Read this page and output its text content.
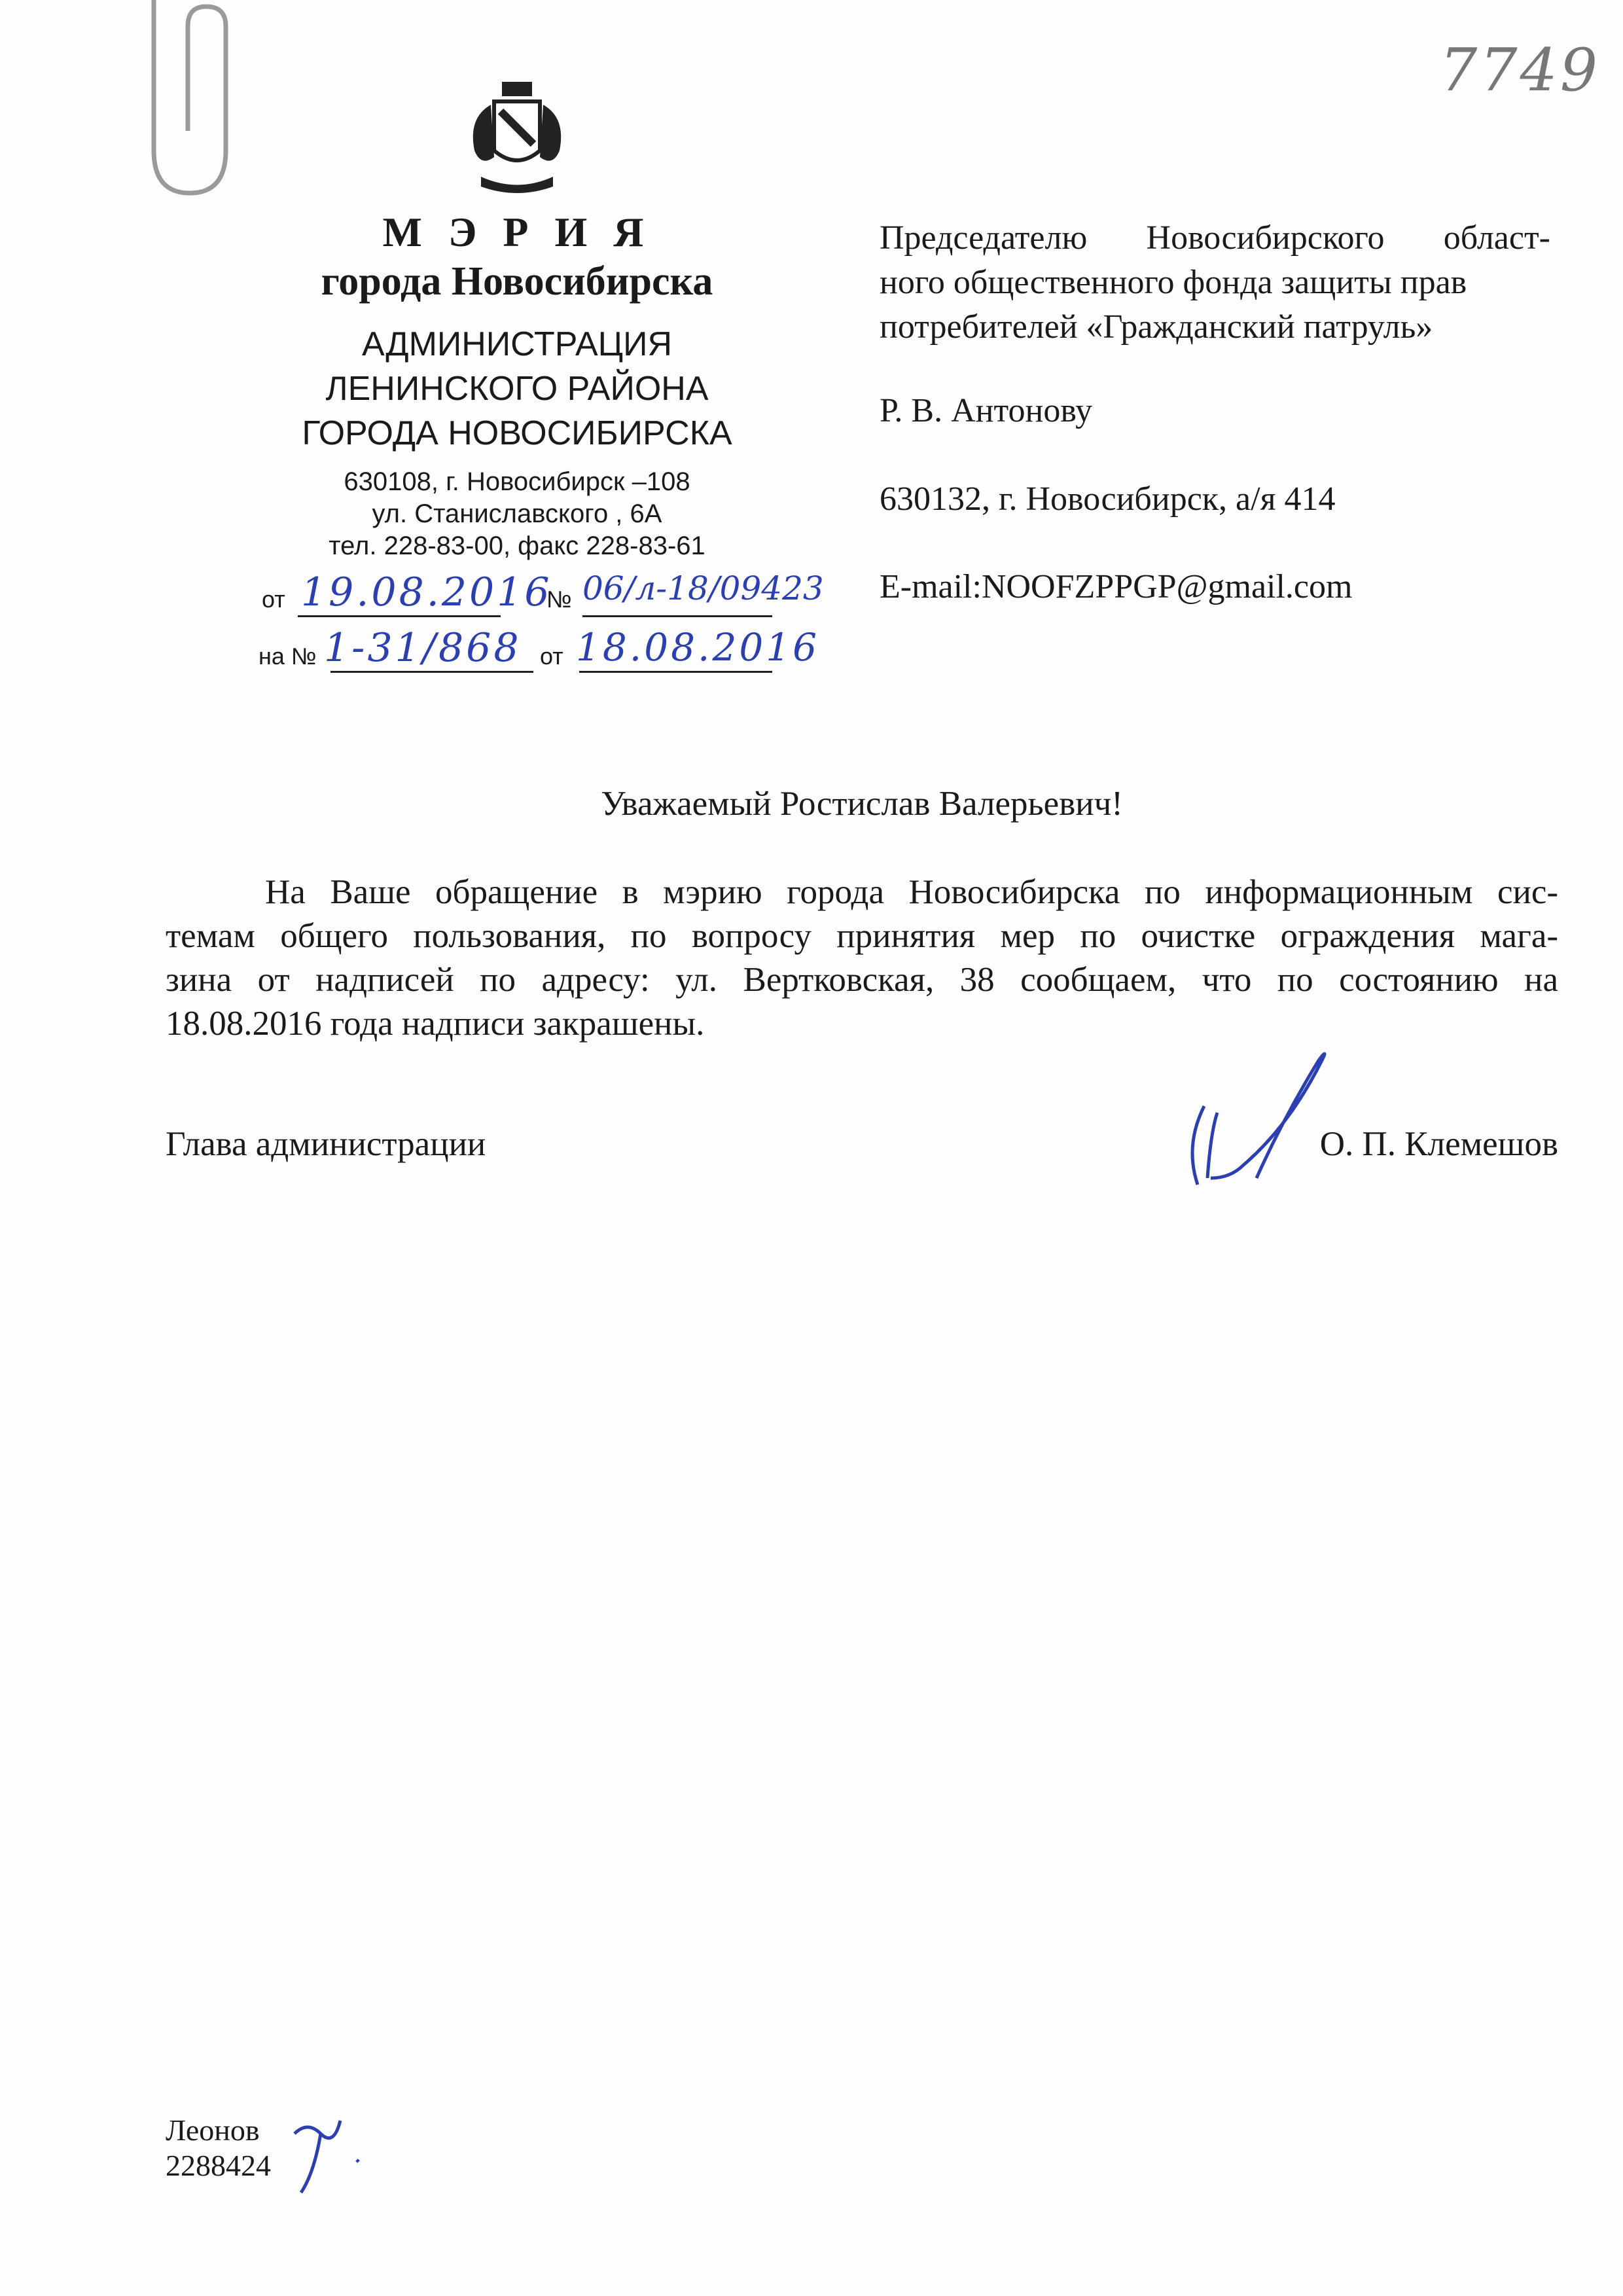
7749
М Э Р И Я
города Новосибирска
АДМИНИСТРАЦИЯ
ЛЕНИНСКОГО РАЙОНА
ГОРОДА НОВОСИБИРСКА
630108, г. Новосибирск –108
ул. Станиславского , 6А
тел. 228-83-00, факс 228-83-61
от 19.08.2016
№ 06/л-18/09423
на № 1-31/868 от 18.08.2016
Председателю Новосибирского област-
ного общественного фонда защиты прав
потребителей «Гражданский патруль»
Р. В. Антонову
630132, г. Новосибирск, а/я 414
E-mail:NOOFZPPGP@gmail.com
Уважаемый Ростислав Валерьевич!
На Ваше обращение в мэрию города Новосибирска по информационным сис-
темам общего пользования, по вопросу принятия мер по очистке ограждения мага-
зина от надписей по адресу: ул. Вертковская, 38 сообщаем, что по состоянию на
18.08.2016 года надписи закрашены.
Глава администрации	О. П. Клемешов
Леонов
2288424
